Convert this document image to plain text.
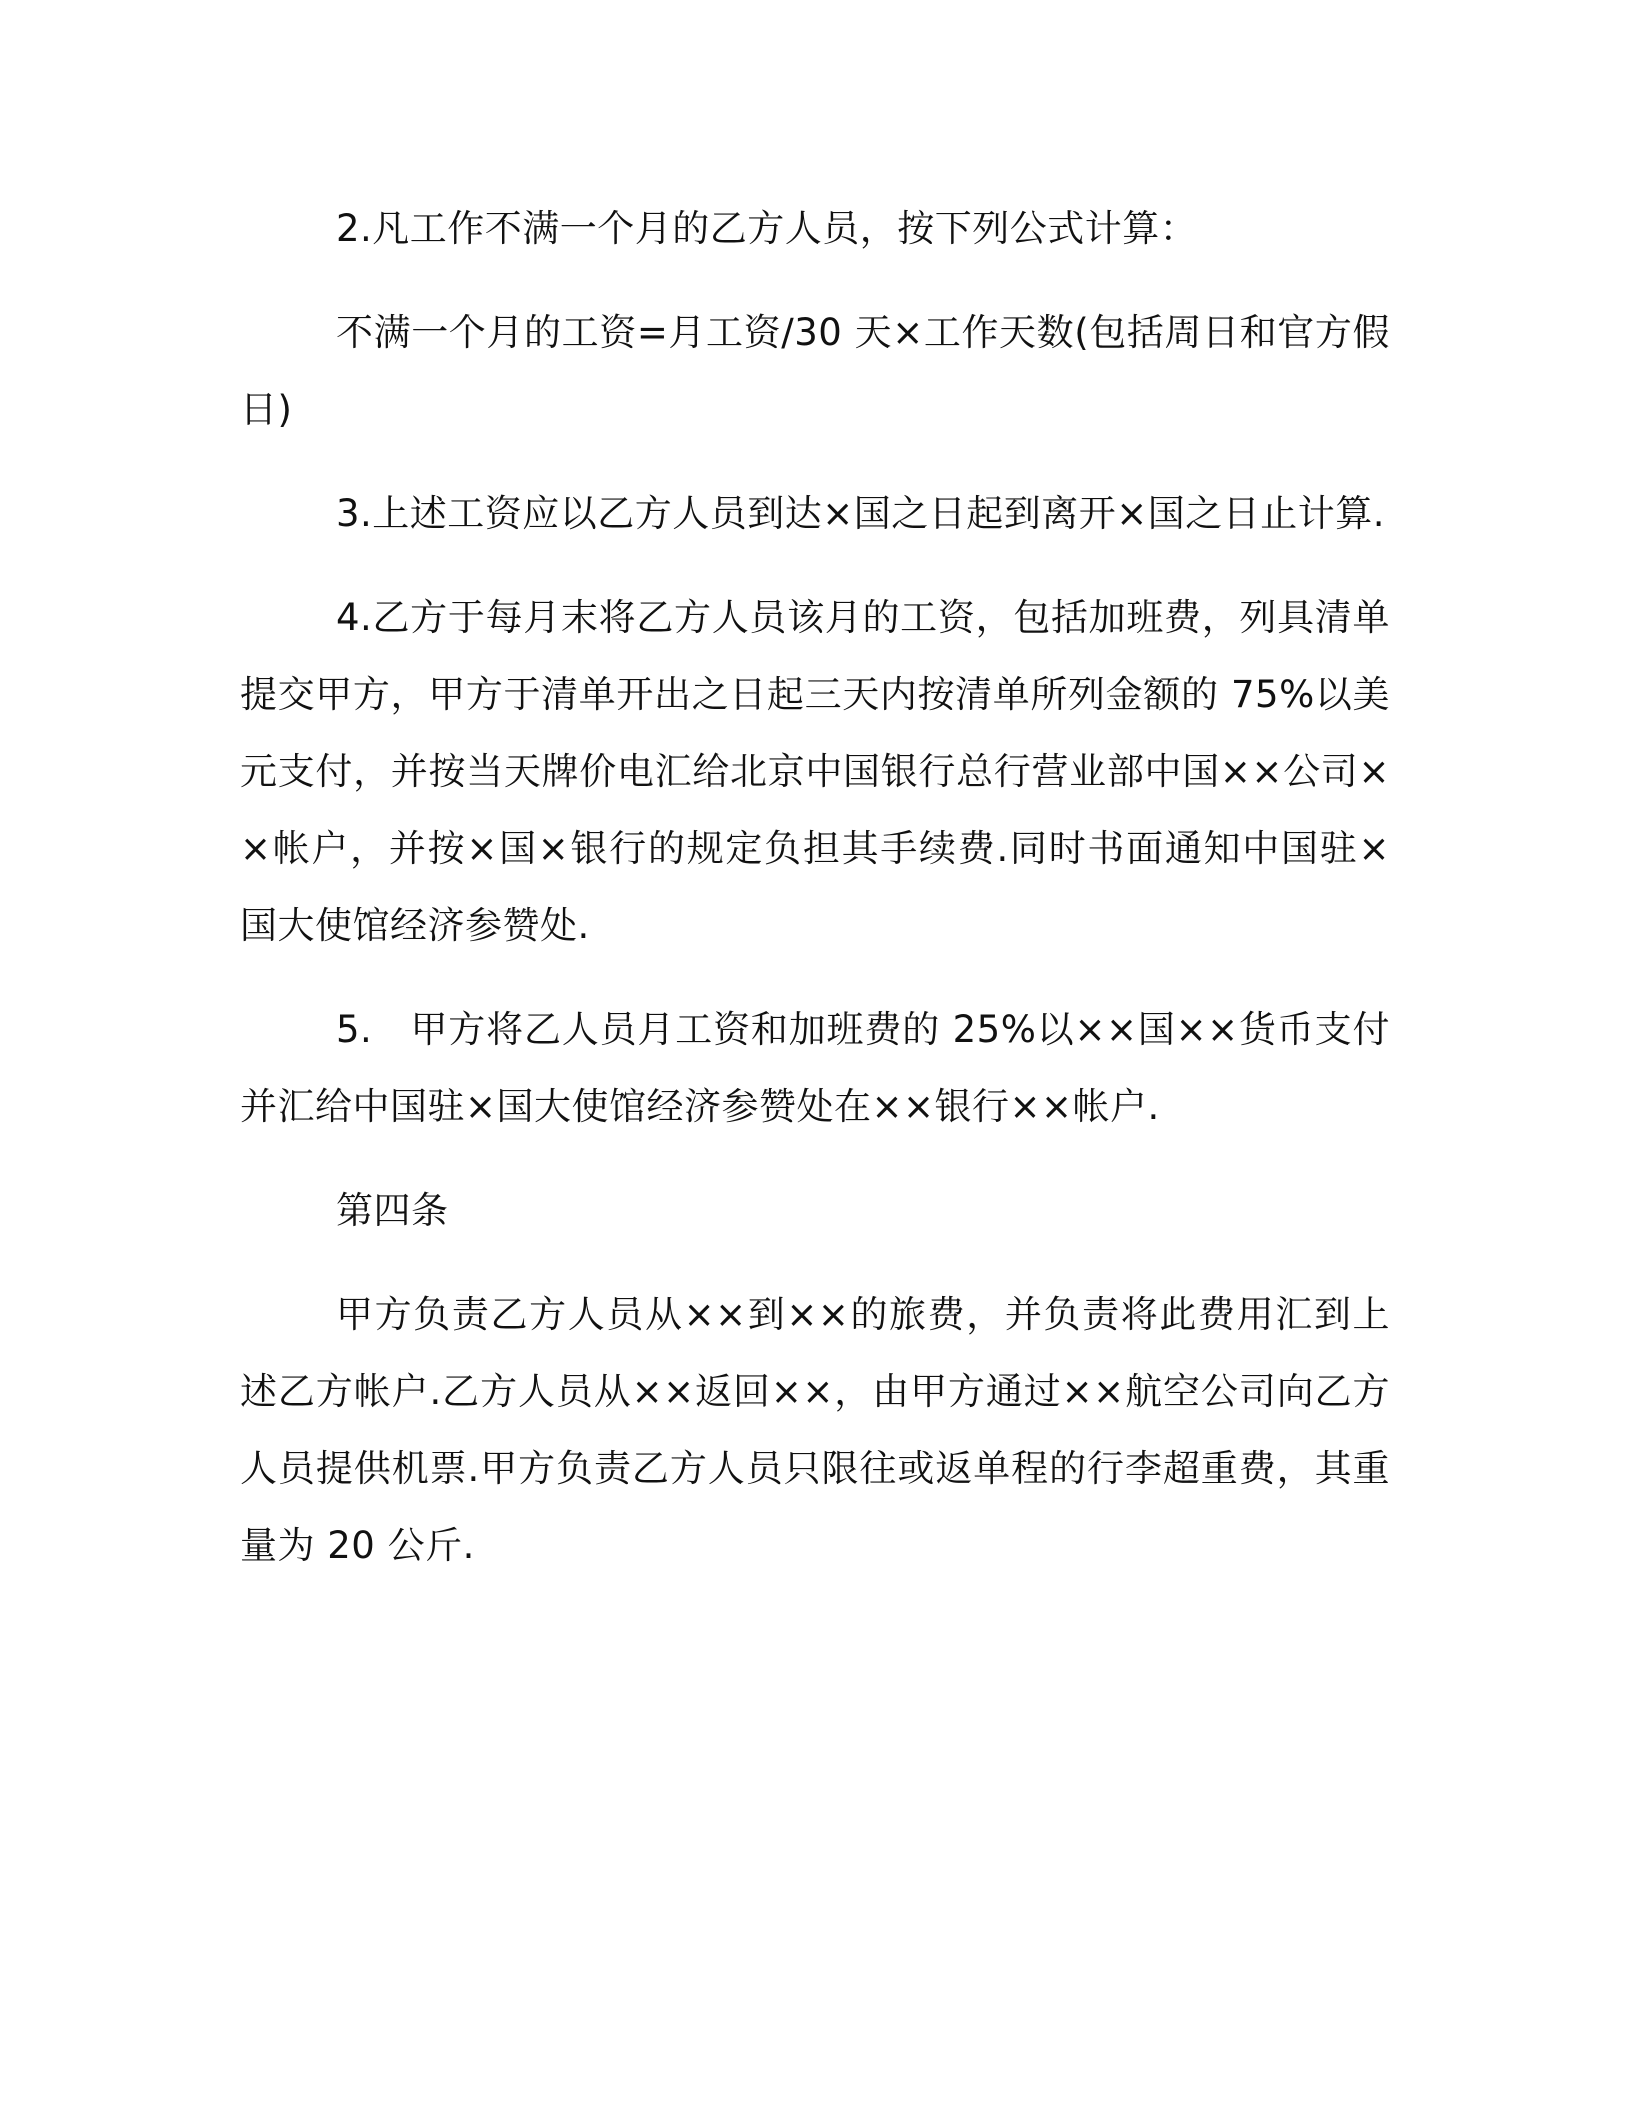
2.凡工作不满一个月的乙方人员，按下列公式计算：

不满一个月的工资=月工资/30 天×工作天数(包括周日和官方假日)

3.上述工资应以乙方人员到达×国之日起到离开×国之日止计算.

4.乙方于每月末将乙方人员该月的工资，包括加班费，列具清单提交甲方，甲方于清单开出之日起三天内按清单所列金额的 75%以美元支付，并按当天牌价电汇给北京中国银行总行营业部中国××公司××帐户，并按×国×银行的规定负担其手续费.同时书面通知中国驻×国大使馆经济参赞处.

5.　甲方将乙人员月工资和加班费的 25%以××国××货币支付并汇给中国驻×国大使馆经济参赞处在××银行××帐户.

第四条

甲方负责乙方人员从××到××的旅费，并负责将此费用汇到上述乙方帐户.乙方人员从××返回××，由甲方通过××航空公司向乙方人员提供机票.甲方负责乙方人员只限往或返单程的行李超重费，其重量为 20 公斤.
